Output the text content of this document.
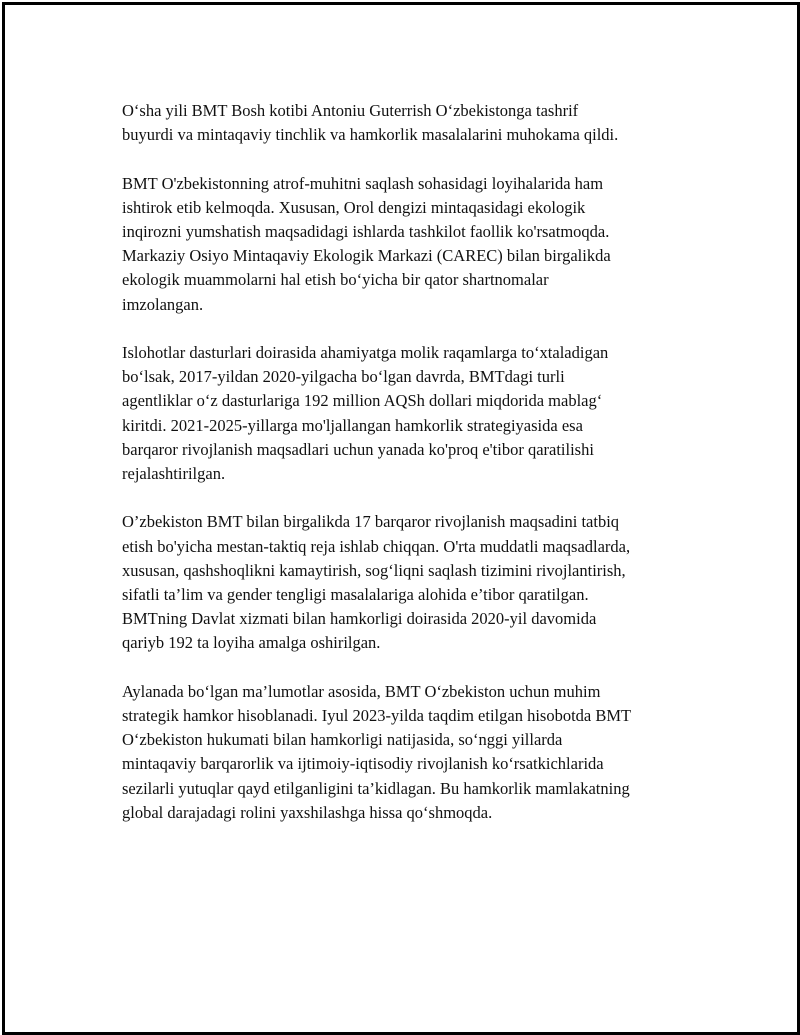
O‘sha yili BMT Bosh kotibi Antoniu Guterrish O‘zbekistonga tashrif
buyurdi va mintaqaviy tinchlik va hamkorlik masalalarini muhokama qildi.

BMT O'zbekistonning atrof-muhitni saqlash sohasidagi loyihalarida ham
ishtirok etib kelmoqda. Xususan, Orol dengizi mintaqasidagi ekologik
inqirozni yumshatish maqsadidagi ishlarda tashkilot faollik ko'rsatmoqda.
Markaziy Osiyo Mintaqaviy Ekologik Markazi (CAREC) bilan birgalikda
ekologik muammolarni hal etish bo‘yicha bir qator shartnomalar
imzolangan.

Islohotlar dasturlari doirasida ahamiyatga molik raqamlarga to‘xtaladigan
bo‘lsak, 2017-yildan 2020-yilgacha bo‘lgan davrda, BMTdagi turli
agentliklar o‘z dasturlariga 192 million AQSh dollari miqdorida mablag‘
kiritdi. 2021-2025-yillarga mo'ljallangan hamkorlik strategiyasida esa
barqaror rivojlanish maqsadlari uchun yanada ko'proq e'tibor qaratilishi
rejalashtirilgan.

O’zbekiston BMT bilan birgalikda 17 barqaror rivojlanish maqsadini tatbiq
etish bo'yicha mestan-taktiq reja ishlab chiqqan. O'rta muddatli maqsadlarda,
xususan, qashshoqlikni kamaytirish, sog‘liqni saqlash tizimini rivojlantirish,
sifatli ta’lim va gender tengligi masalalariga alohida e’tibor qaratilgan.
BMTning Davlat xizmati bilan hamkorligi doirasida 2020-yil davomida
qariyb 192 ta loyiha amalga oshirilgan.

Aylanada bo‘lgan ma’lumotlar asosida, BMT O‘zbekiston uchun muhim
strategik hamkor hisoblanadi. Iyul 2023-yilda taqdim etilgan hisobotda BMT
O‘zbekiston hukumati bilan hamkorligi natijasida, so‘nggi yillarda
mintaqaviy barqarorlik va ijtimoiy-iqtisodiy rivojlanish ko‘rsatkichlarida
sezilarli yutuqlar qayd etilganligini ta’kidlagan. Bu hamkorlik mamlakatning
global darajadagi rolini yaxshilashga hissa qo‘shmoqda.
